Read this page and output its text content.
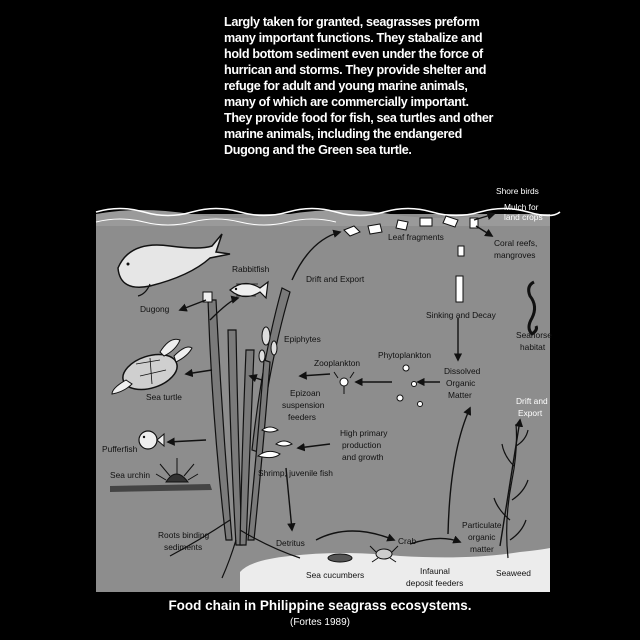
Largly taken for granted, seagrasses preform
many important functions. They stabalize and
hold bottom sediment even under the force of
hurrican and storms. They provide shelter and
refuge for adult and young marine animals,
many of which are commercially important.
They provide food for fish, sea turtles and other
marine animals, including the endangered
Dugong and the Green sea turtle.
Shore birds
Mulch for
land crops
Leaf fragments
Coral reefs,
mangroves
Rabbitfish
Drift and Export
Dugong
Epiphytes
Sinking and Decay
Seahorse
habitat
Phytoplankton
Zooplankton
Dissolved
Organic
Matter
Sea turtle	Epizoan
suspension
feeders
Drift and
Export
High primary
production
and growth
Pufferfish
Sea urchin	Shrimp, juvenile fish
Roots binding
sediments	Detritus	Crab
Particulate
organic
matter
Sea cucumbers	Infaunal
deposit feeders
Seaweed
Food chain in Philippine seagrass ecosystems.
(Fortes 1989)
